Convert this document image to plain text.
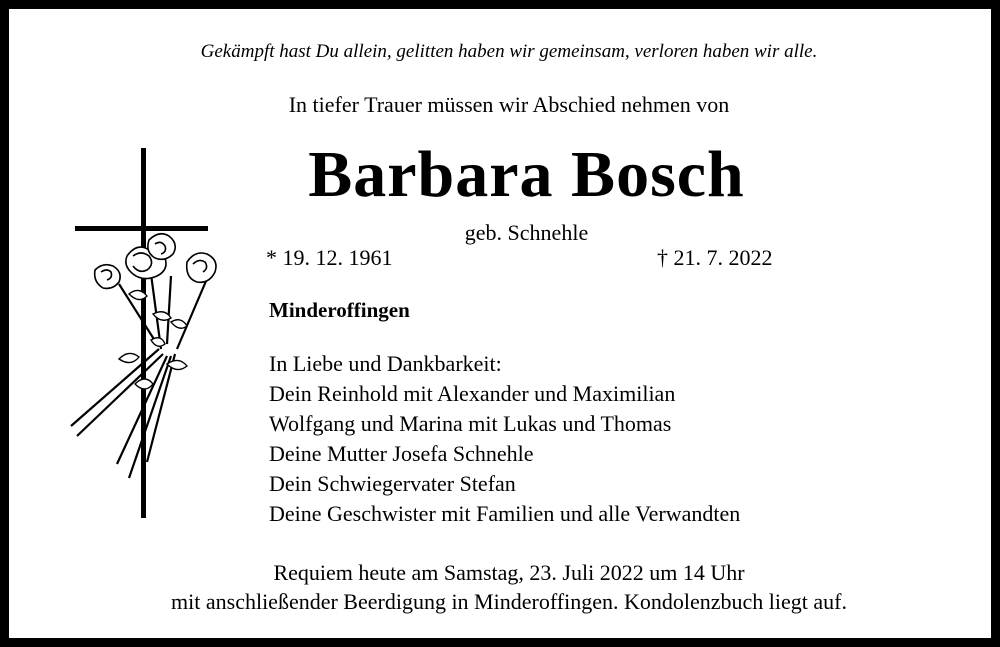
Gekämpft hast Du allein, gelitten haben wir gemeinsam, verloren haben wir alle.
In tiefer Trauer müssen wir Abschied nehmen von
Barbara Bosch
geb. Schnehle
* 19. 12. 1961	† 21. 7. 2022
Minderoffingen
In Liebe und Dankbarkeit:
Dein Reinhold mit Alexander und Maximilian
Wolfgang und Marina mit Lukas und Thomas
Deine Mutter Josefa Schnehle
Dein Schwiegervater Stefan
Deine Geschwister mit Familien und alle Verwandten
Requiem heute am Samstag, 23. Juli 2022 um 14 Uhr
mit anschließender Beerdigung in Minderoffingen. Kondolenzbuch liegt auf.
